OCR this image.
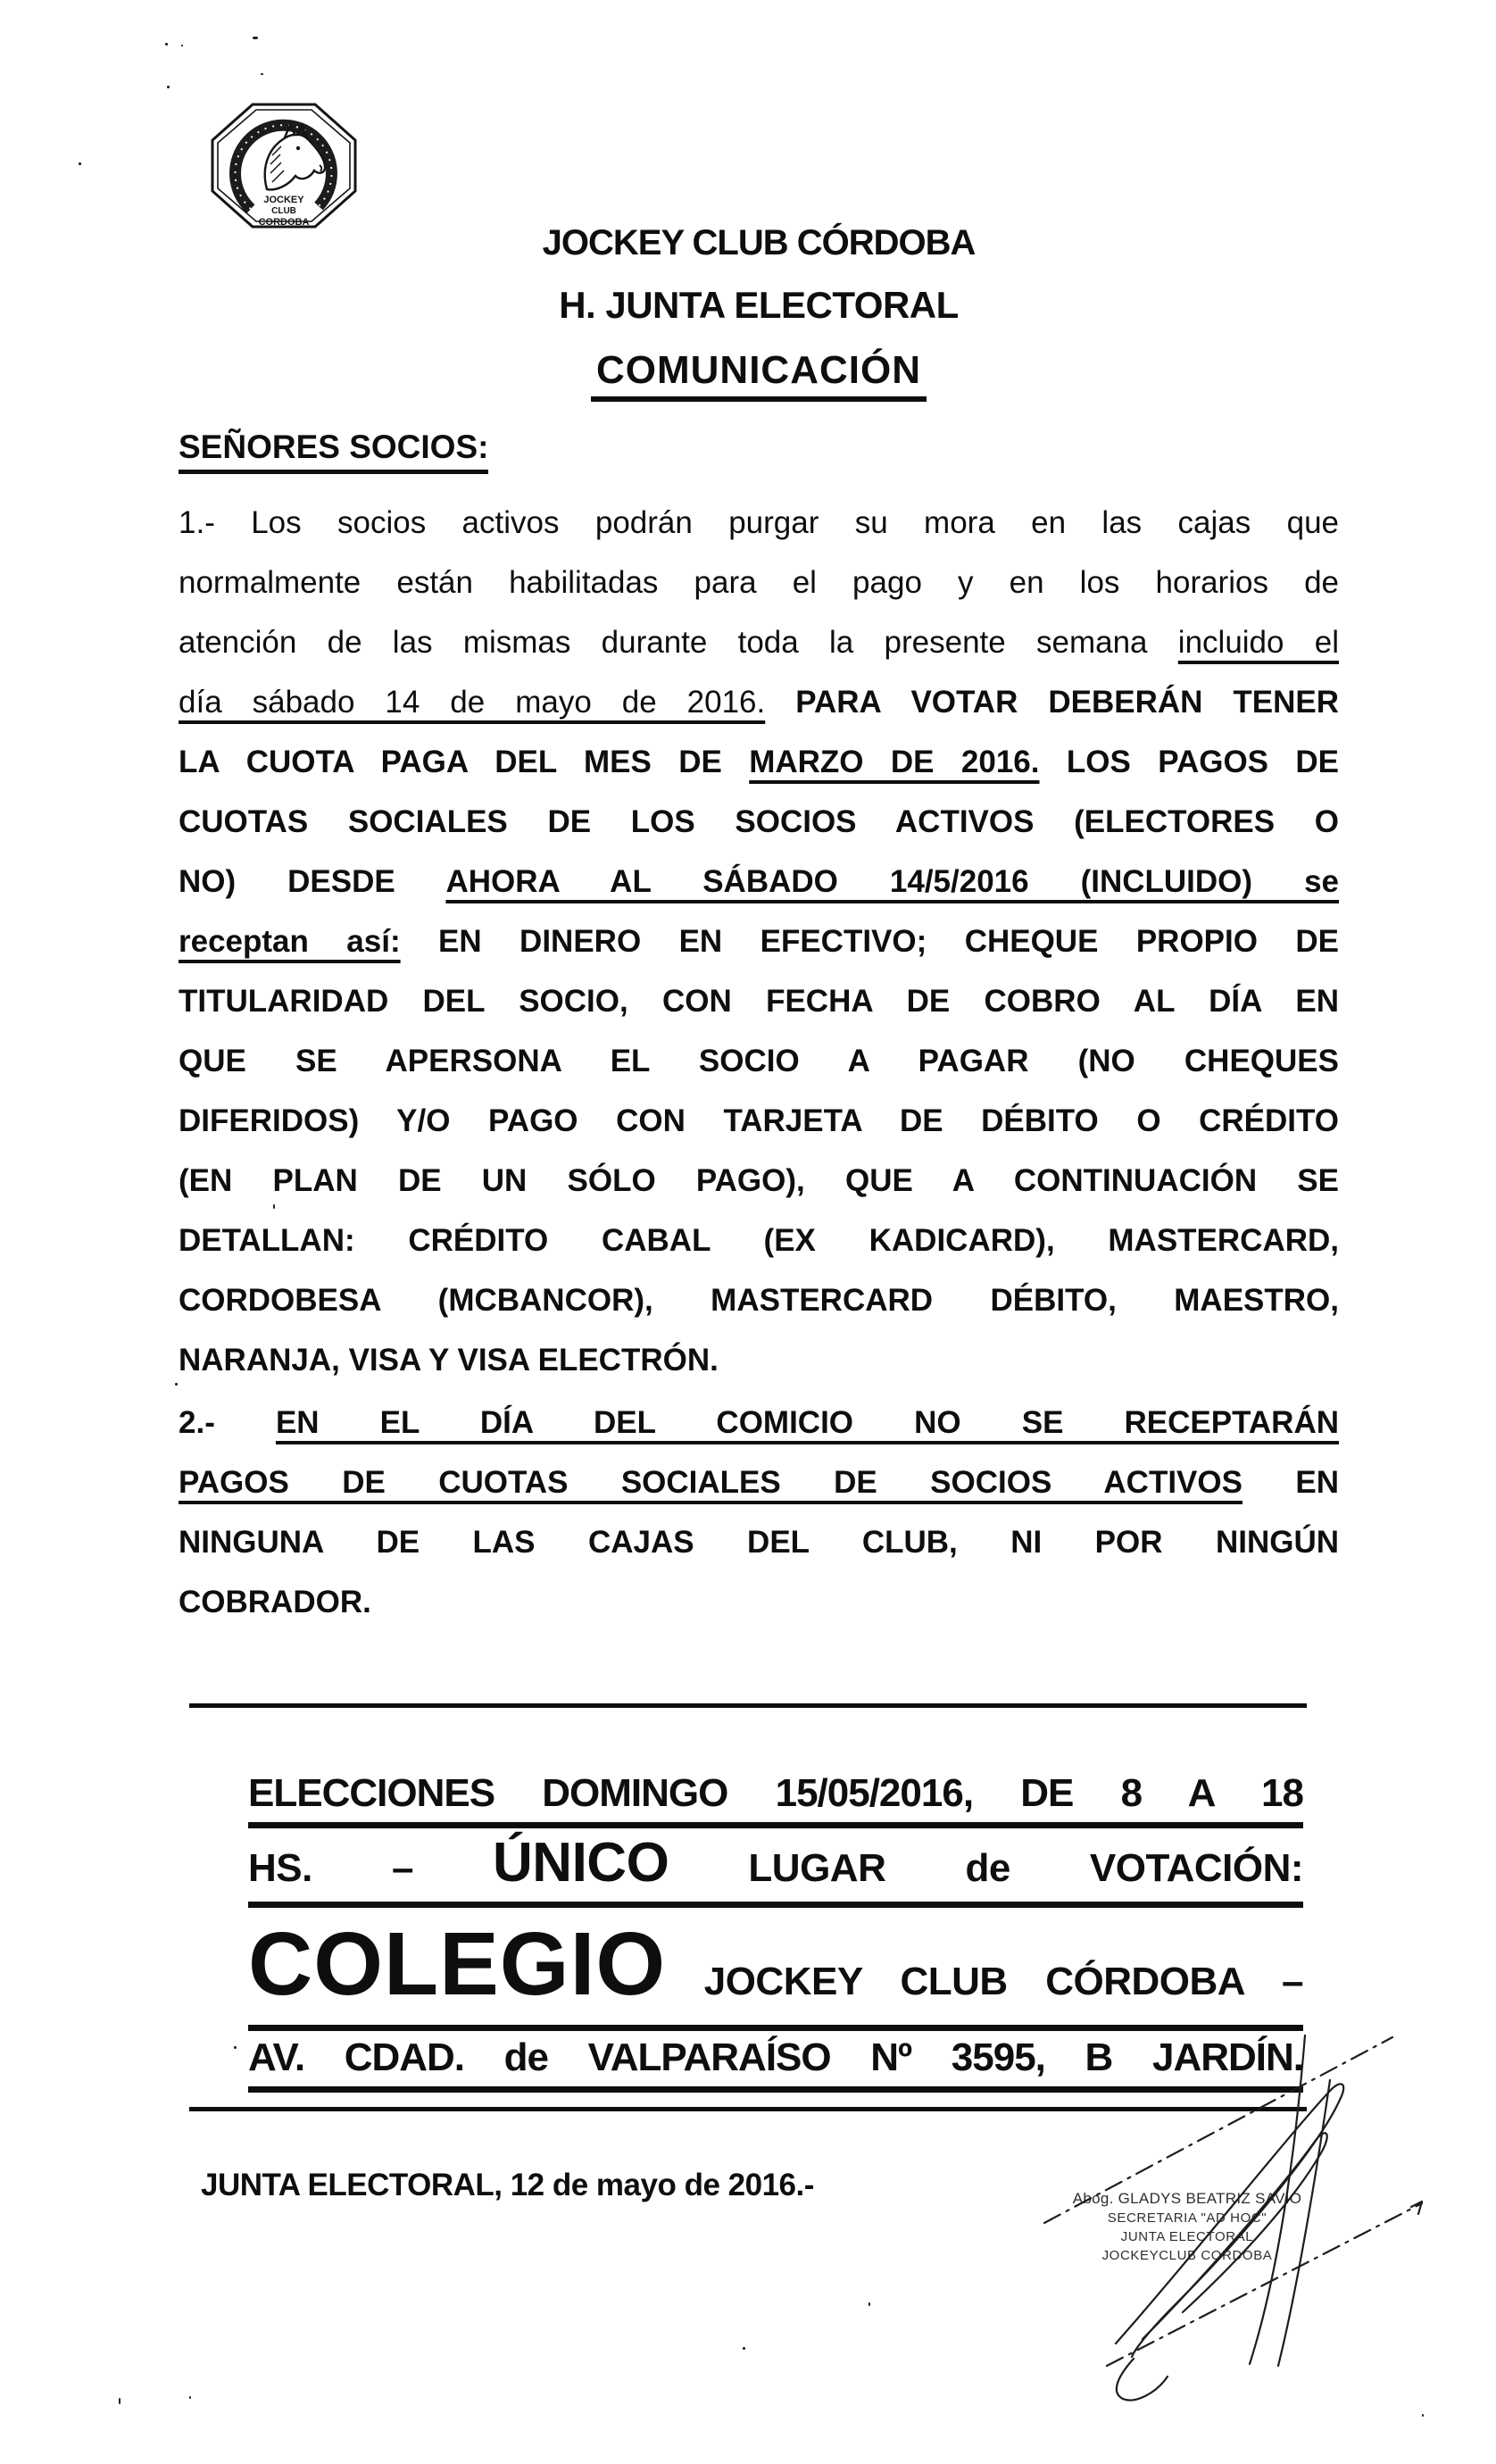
JOCKEY
CLUB
CORDOBA
JOCKEY CLUB CÓRDOBA
H. JUNTA ELECTORAL
COMUNICACIÓN
SEÑORES SOCIOS:
1.- Los socios activos podrán purgar su mora en las cajas que
normalmente están habilitadas para el pago y en los horarios de
atención de las mismas durante toda la presente semana incluido el
día sábado 14 de mayo de 2016. PARA VOTAR DEBERÁN TENER
LA CUOTA PAGA DEL MES DE MARZO DE 2016. LOS PAGOS DE
CUOTAS SOCIALES DE LOS SOCIOS ACTIVOS (ELECTORES O
NO) DESDE AHORA AL SÁBADO 14/5/2016 (INCLUIDO) se
receptan así: EN DINERO EN EFECTIVO; CHEQUE PROPIO DE
TITULARIDAD DEL SOCIO, CON FECHA DE COBRO AL DÍA EN
QUE SE APERSONA EL SOCIO A PAGAR (NO CHEQUES
DIFERIDOS) Y/O PAGO CON TARJETA DE DÉBITO O CRÉDITO
(EN PLAN DE UN SÓLO PAGO), QUE A CONTINUACIÓN SE
DETALLAN: CRÉDITO CABAL (EX KADICARD), MASTERCARD,
CORDOBESA (MCBANCOR), MASTERCARD DÉBITO, MAESTRO,
NARANJA, VISA Y VISA ELECTRÓN.
2.- EN EL DÍA DEL COMICIO NO SE RECEPTARÁN
PAGOS DE CUOTAS SOCIALES DE SOCIOS ACTIVOS EN
NINGUNA DE LAS CAJAS DEL CLUB, NI POR NINGÚN
COBRADOR.
ELECCIONES DOMINGO 15/05/2016, DE 8 A 18
HS. – ÚNICO LUGAR de VOTACIÓN:
COLEGIO JOCKEY CLUB CÓRDOBA –
AV. CDAD. de VALPARAÍSO Nº 3595, B JARDÍN.
JUNTA ELECTORAL, 12 de mayo de 2016.-	Abog. GLADYS BEATRIZ SAVIO
SECRETARIA "AD HOC"
JUNTA ELECTORAL
JOCKEYCLUB CORDOBA
